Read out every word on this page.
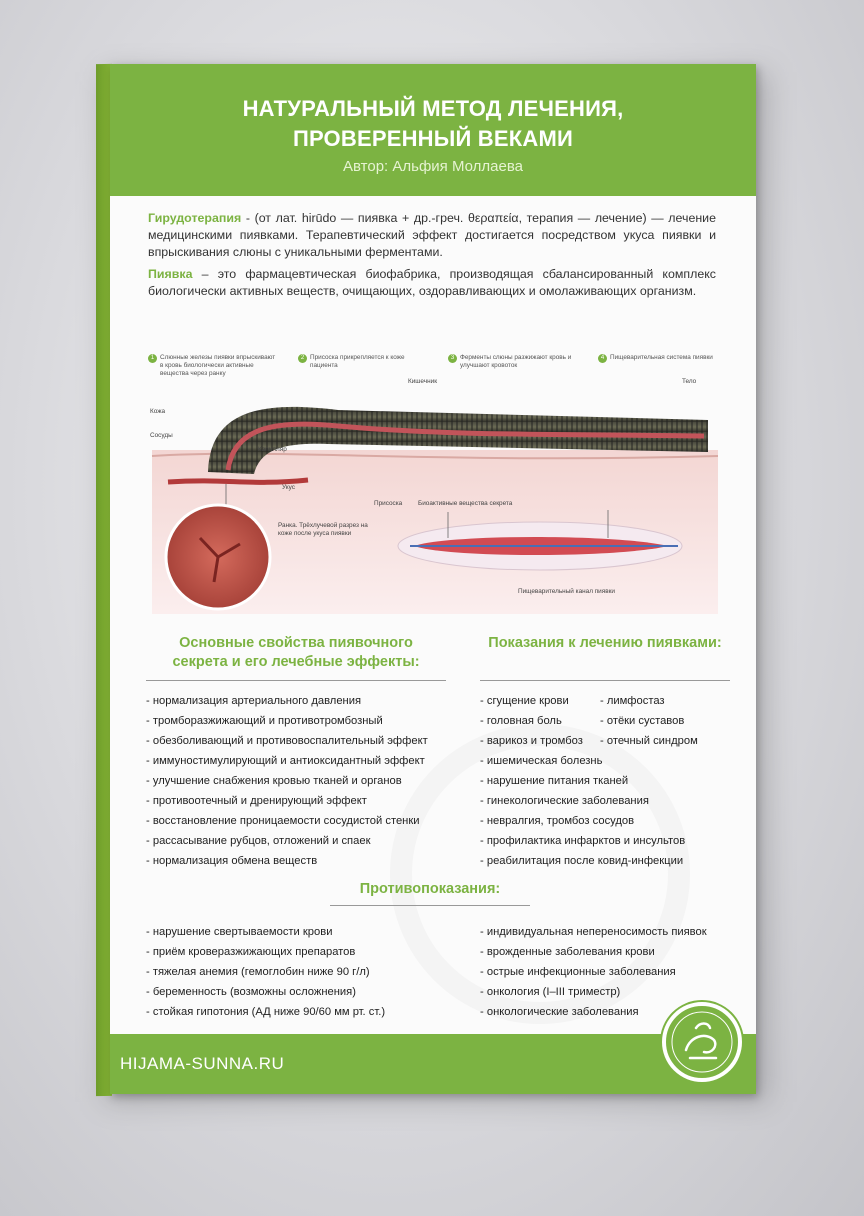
НАТУРАЛЬНЫЙ МЕТОД ЛЕЧЕНИЯ,
ПРОВЕРЕННЫЙ ВЕКАМИ
Автор: Альфия Моллаева

Гирудотерапия - (от лат. hirūdo — пиявка + др.-греч. θεραπεία, терапия — лечение) — лечение медицинскими пиявками. Терапевтический эффект достигается посредством укуса пиявки и впрыскивания слюны с уникальными ферментами.

Пиявка – это фармацевтическая биофабрика, производящая сбалансированный комплекс биологически активных веществ, очищающих, оздоравливающих и омолаживающих организм.

1 Слюнные железы пиявки впрыскивают в кровь биологически активные вещества через ранку
2 Присоска прикрепляется к коже пациента
3 Ферменты слюны разжижают кровь и улучшают кровоток
4 Пищеварительная система пиявки
Кожа
Сосуды
Капилляр
Укус
Присоска
Кишечник	Тело
Ранка. Трёхлучевой разрез на коже после укуса пиявки
Биоактивные вещества секрета
Пищеварительный канал пиявки
Основные свойства пиявочного
секрета и его лечебные эффекты:
- нормализация артериального давления
- тромборазжижающий и противотромбозный
- обезболивающий и противовоспалительный эффект
- иммуностимулирующий и антиоксидантный эффект
- улучшение снабжения кровью тканей и органов
- противоотечный и дренирующий эффект
- восстановление проницаемости сосудистой стенки
- рассасывание рубцов, отложений и спаек
- нормализация обмена веществ
Показания к лечению пиявками:
- сгущение крови	- лимфостаз
- головная боль	- отёки суставов
- варикоз и тромбоз	- отечный синдром
- ишемическая болезнь
- нарушение питания тканей
- гинекологические заболевания
- невралгия, тромбоз сосудов
- профилактика инфарктов и инсультов
- реабилитация после ковид-инфекции
Противопоказания:
- нарушение свертываемости крови
- приём кроверазжижающих препаратов
- тяжелая анемия (гемоглобин ниже 90 г/л)
- беременность (возможны осложнения)
- стойкая гипотония (АД ниже 90/60 мм рт. ст.)
- индивидуальная непереносимость пиявок
- врожденные заболевания крови
- острые инфекционные заболевания
- онкология (I–III триместр)
- онкологические заболевания
HIJAMA-SUNNA.RU
